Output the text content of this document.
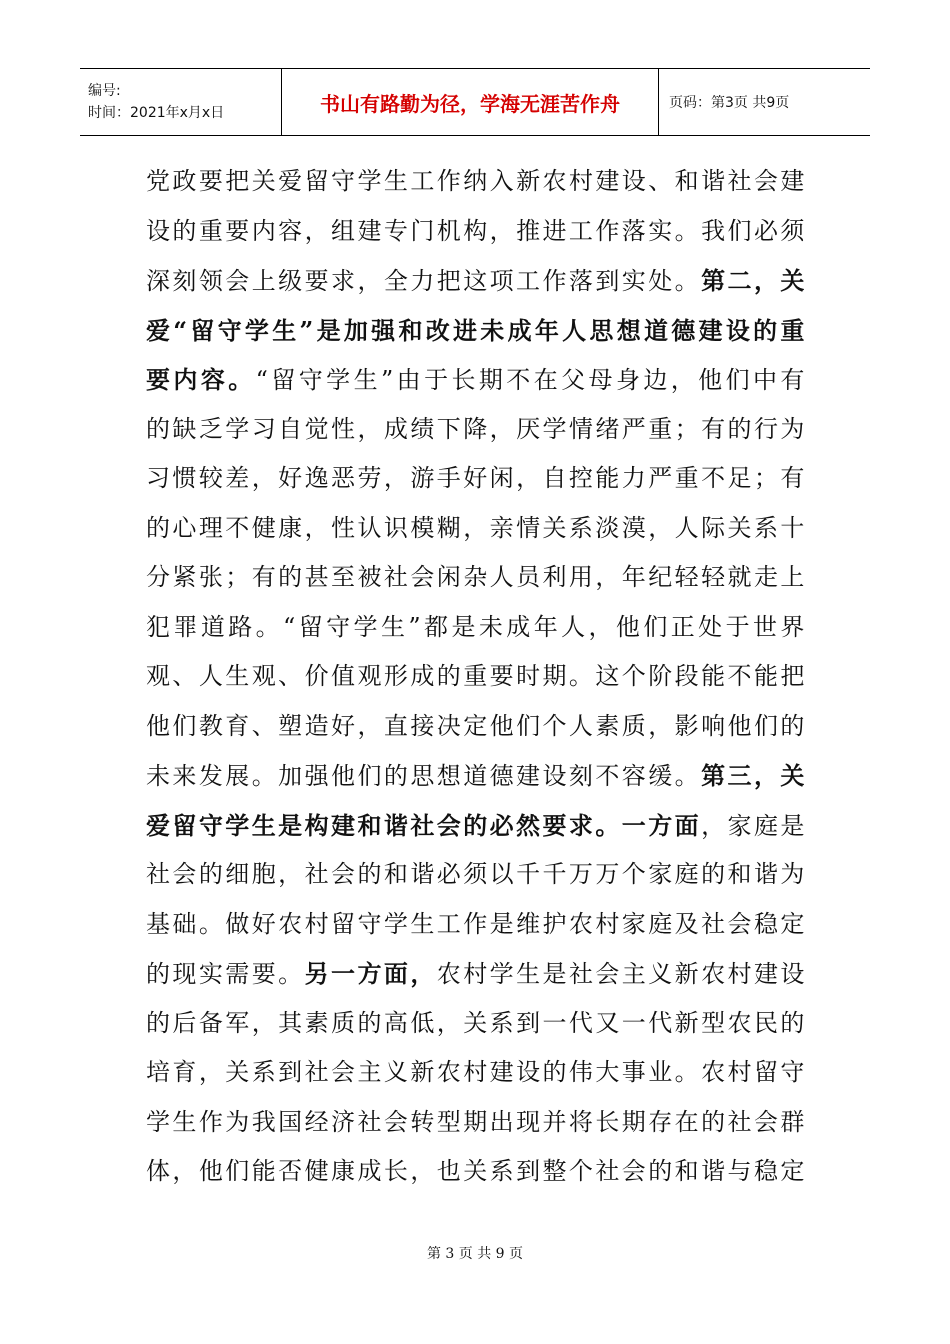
编号:
时间：2021年x月x日	书山有路勤为径，学海无涯苦作舟	页码：第3页 共9页
党政要把关爱留守学生工作纳入新农村建设、和谐社会建
设的重要内容，组建专门机构，推进工作落实。我们必须
深刻领会上级要求，全力把这项工作落到实处。第二，关
爱“留守学生”是加强和改进未成年人思想道德建设的重
要内容。“留守学生”由于长期不在父母身边，他们中有
的缺乏学习自觉性，成绩下降，厌学情绪严重；有的行为
习惯较差，好逸恶劳，游手好闲，自控能力严重不足；有
的心理不健康，性认识模糊，亲情关系淡漠，人际关系十
分紧张；有的甚至被社会闲杂人员利用，年纪轻轻就走上
犯罪道路。“留守学生”都是未成年人，他们正处于世界
观、人生观、价值观形成的重要时期。这个阶段能不能把
他们教育、塑造好，直接决定他们个人素质，影响他们的
未来发展。加强他们的思想道德建设刻不容缓。第三，关
爱留守学生是构建和谐社会的必然要求。一方面，家庭是
社会的细胞，社会的和谐必须以千千万万个家庭的和谐为
基础。做好农村留守学生工作是维护农村家庭及社会稳定
的现实需要。另一方面，农村学生是社会主义新农村建设
的后备军，其素质的高低，关系到一代又一代新型农民的
培育，关系到社会主义新农村建设的伟大事业。农村留守
学生作为我国经济社会转型期出现并将长期存在的社会群
体，他们能否健康成长，也关系到整个社会的和谐与稳定
第 3 页 共 9 页
